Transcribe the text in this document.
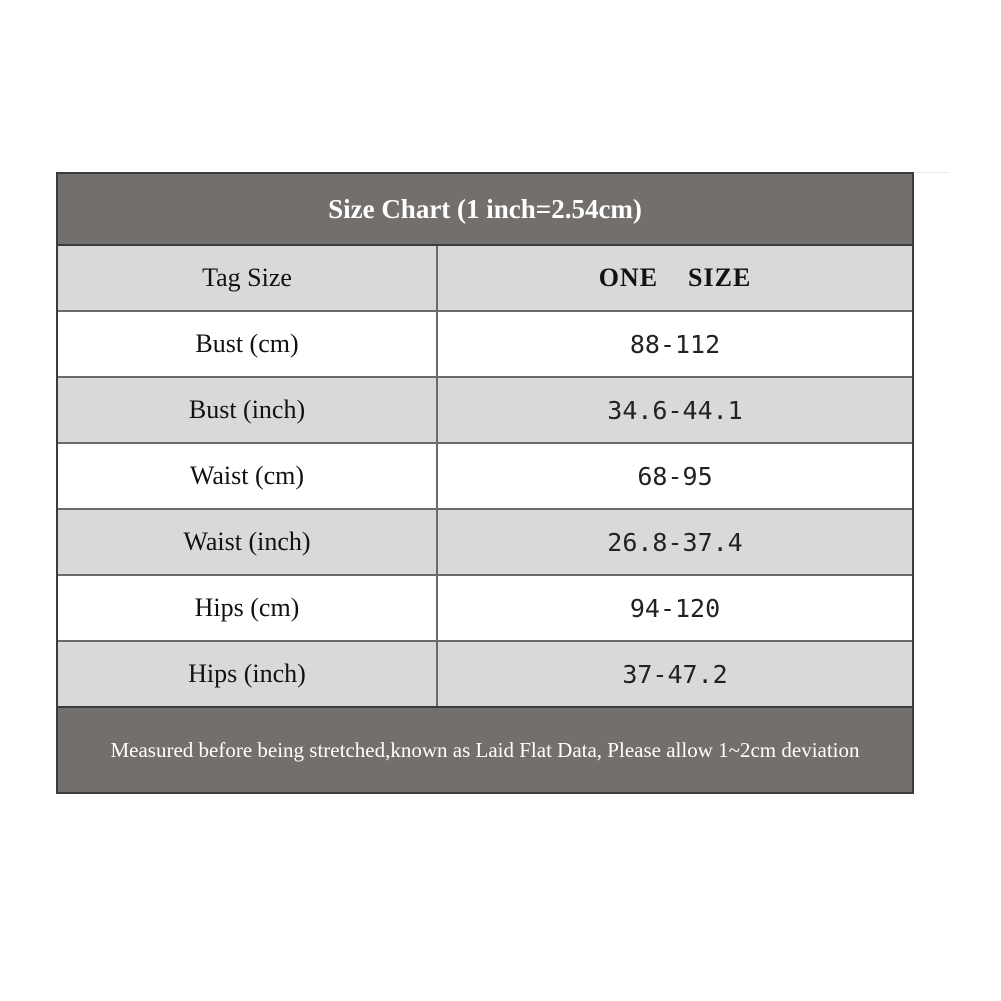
Size Chart (1 inch=2.54cm)
Tag Size	ONE    SIZE
Bust (cm)	88-112
Bust (inch)	34.6-44.1
Waist (cm)	68-95
Waist (inch)	26.8-37.4
Hips (cm)	94-120
Hips (inch)	37-47.2
Measured before being stretched,known as Laid Flat Data, Please allow 1~2cm deviation
